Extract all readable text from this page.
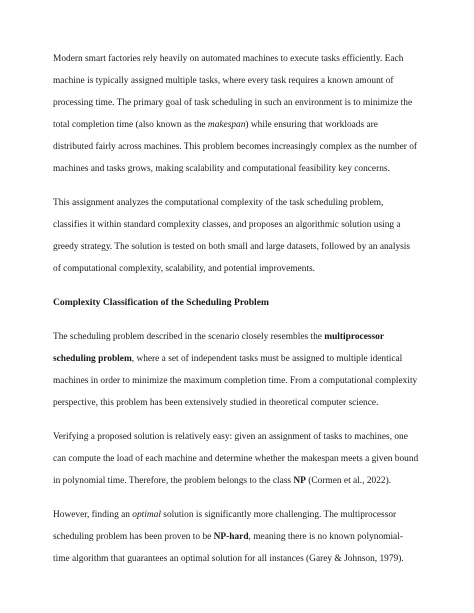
Modern smart factories rely heavily on automated machines to execute tasks efficiently. Each
machine is typically assigned multiple tasks, where every task requires a known amount of
processing time. The primary goal of task scheduling in such an environment is to minimize the
total completion time (also known as the makespan) while ensuring that workloads are
distributed fairly across machines. This problem becomes increasingly complex as the number of
machines and tasks grows, making scalability and computational feasibility key concerns.
This assignment analyzes the computational complexity of the task scheduling problem,
classifies it within standard complexity classes, and proposes an algorithmic solution using a
greedy strategy. The solution is tested on both small and large datasets, followed by an analysis
of computational complexity, scalability, and potential improvements.
Complexity Classification of the Scheduling Problem
The scheduling problem described in the scenario closely resembles the multiprocessor
scheduling problem, where a set of independent tasks must be assigned to multiple identical
machines in order to minimize the maximum completion time. From a computational complexity
perspective, this problem has been extensively studied in theoretical computer science.
Verifying a proposed solution is relatively easy: given an assignment of tasks to machines, one
can compute the load of each machine and determine whether the makespan meets a given bound
in polynomial time. Therefore, the problem belongs to the class NP (Cormen et al., 2022).
However, finding an optimal solution is significantly more challenging. The multiprocessor
scheduling problem has been proven to be NP-hard, meaning there is no known polynomial-
time algorithm that guarantees an optimal solution for all instances (Garey & Johnson, 1979).
